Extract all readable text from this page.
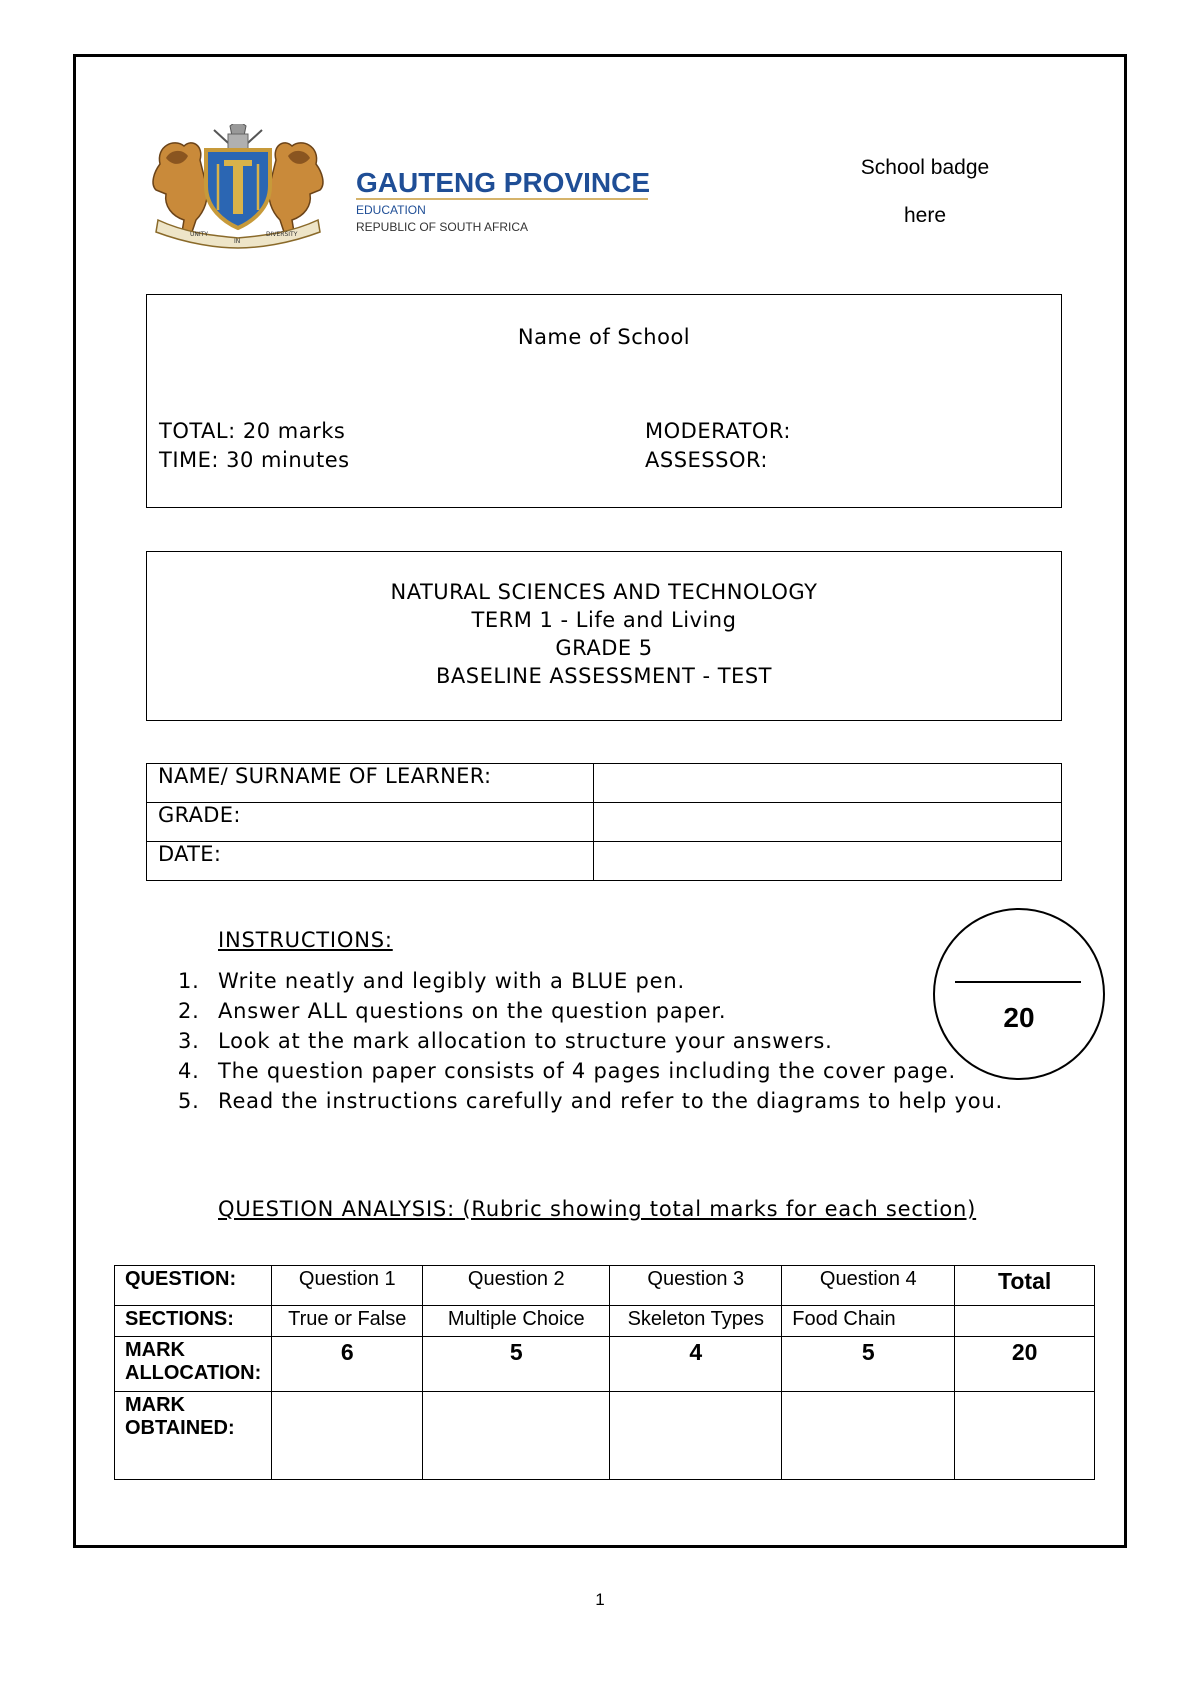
UNITY
IN
DIVERSITY
GAUTENG PROVINCE
EDUCATION
REPUBLIC OF SOUTH AFRICA
School badge
here
Name of School
TOTAL: 20 marks
TIME: 30 minutes
MODERATOR:
ASSESSOR:
NATURAL SCIENCES AND TECHNOLOGY
TERM 1 - Life and Living
GRADE 5
BASELINE ASSESSMENT - TEST
NAME/ SURNAME OF LEARNER:	
GRADE:	
DATE:	
INSTRUCTIONS:
1. Write neatly and legibly with a BLUE pen.
2. Answer ALL questions on the question paper.
3. Look at the mark allocation to structure your answers.
4. The question paper consists of 4 pages including the cover page.
5. Read the instructions carefully and refer to the diagrams to help you.
20
QUESTION ANALYSIS: (Rubric showing total marks for each section)
QUESTION:	Question 1	Question 2	Question 3	Question 4	Total
SECTIONS:	True or False	Multiple Choice	Skeleton Types	Food Chain	
MARK ALLOCATION:	6	5	4	5	20
MARK OBTAINED:					
1
